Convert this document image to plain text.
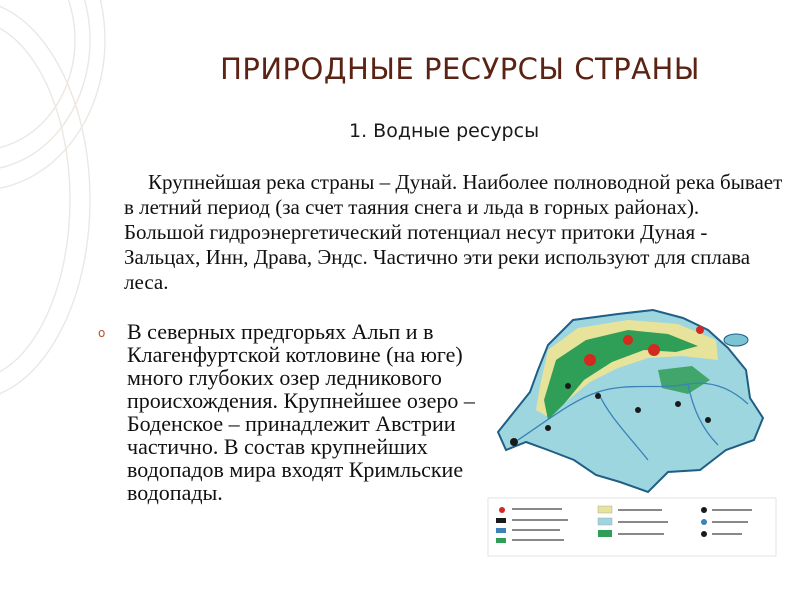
ПРИРОДНЫЕ РЕСУРСЫ СТРАНЫ
1. Водные ресурсы
Крупнейшая река страны – Дунай. Наиболее полноводной река бывает в летний период (за счет таяния снега и льда в горных районах). Большой гидроэнергетический потенциал несут притоки Дуная - Зальцах, Инн, Драва, Эндс. Частично эти реки используют для сплава леса.
o В северных предгорьях Альп и в Клагенфуртской котловине (на юге) много глубоких озер ледникового происхождения. Крупнейшее озеро – Боденское – принадлежит Австрии частично. В состав крупнейших водопадов мира входят Кримльские водопады.
